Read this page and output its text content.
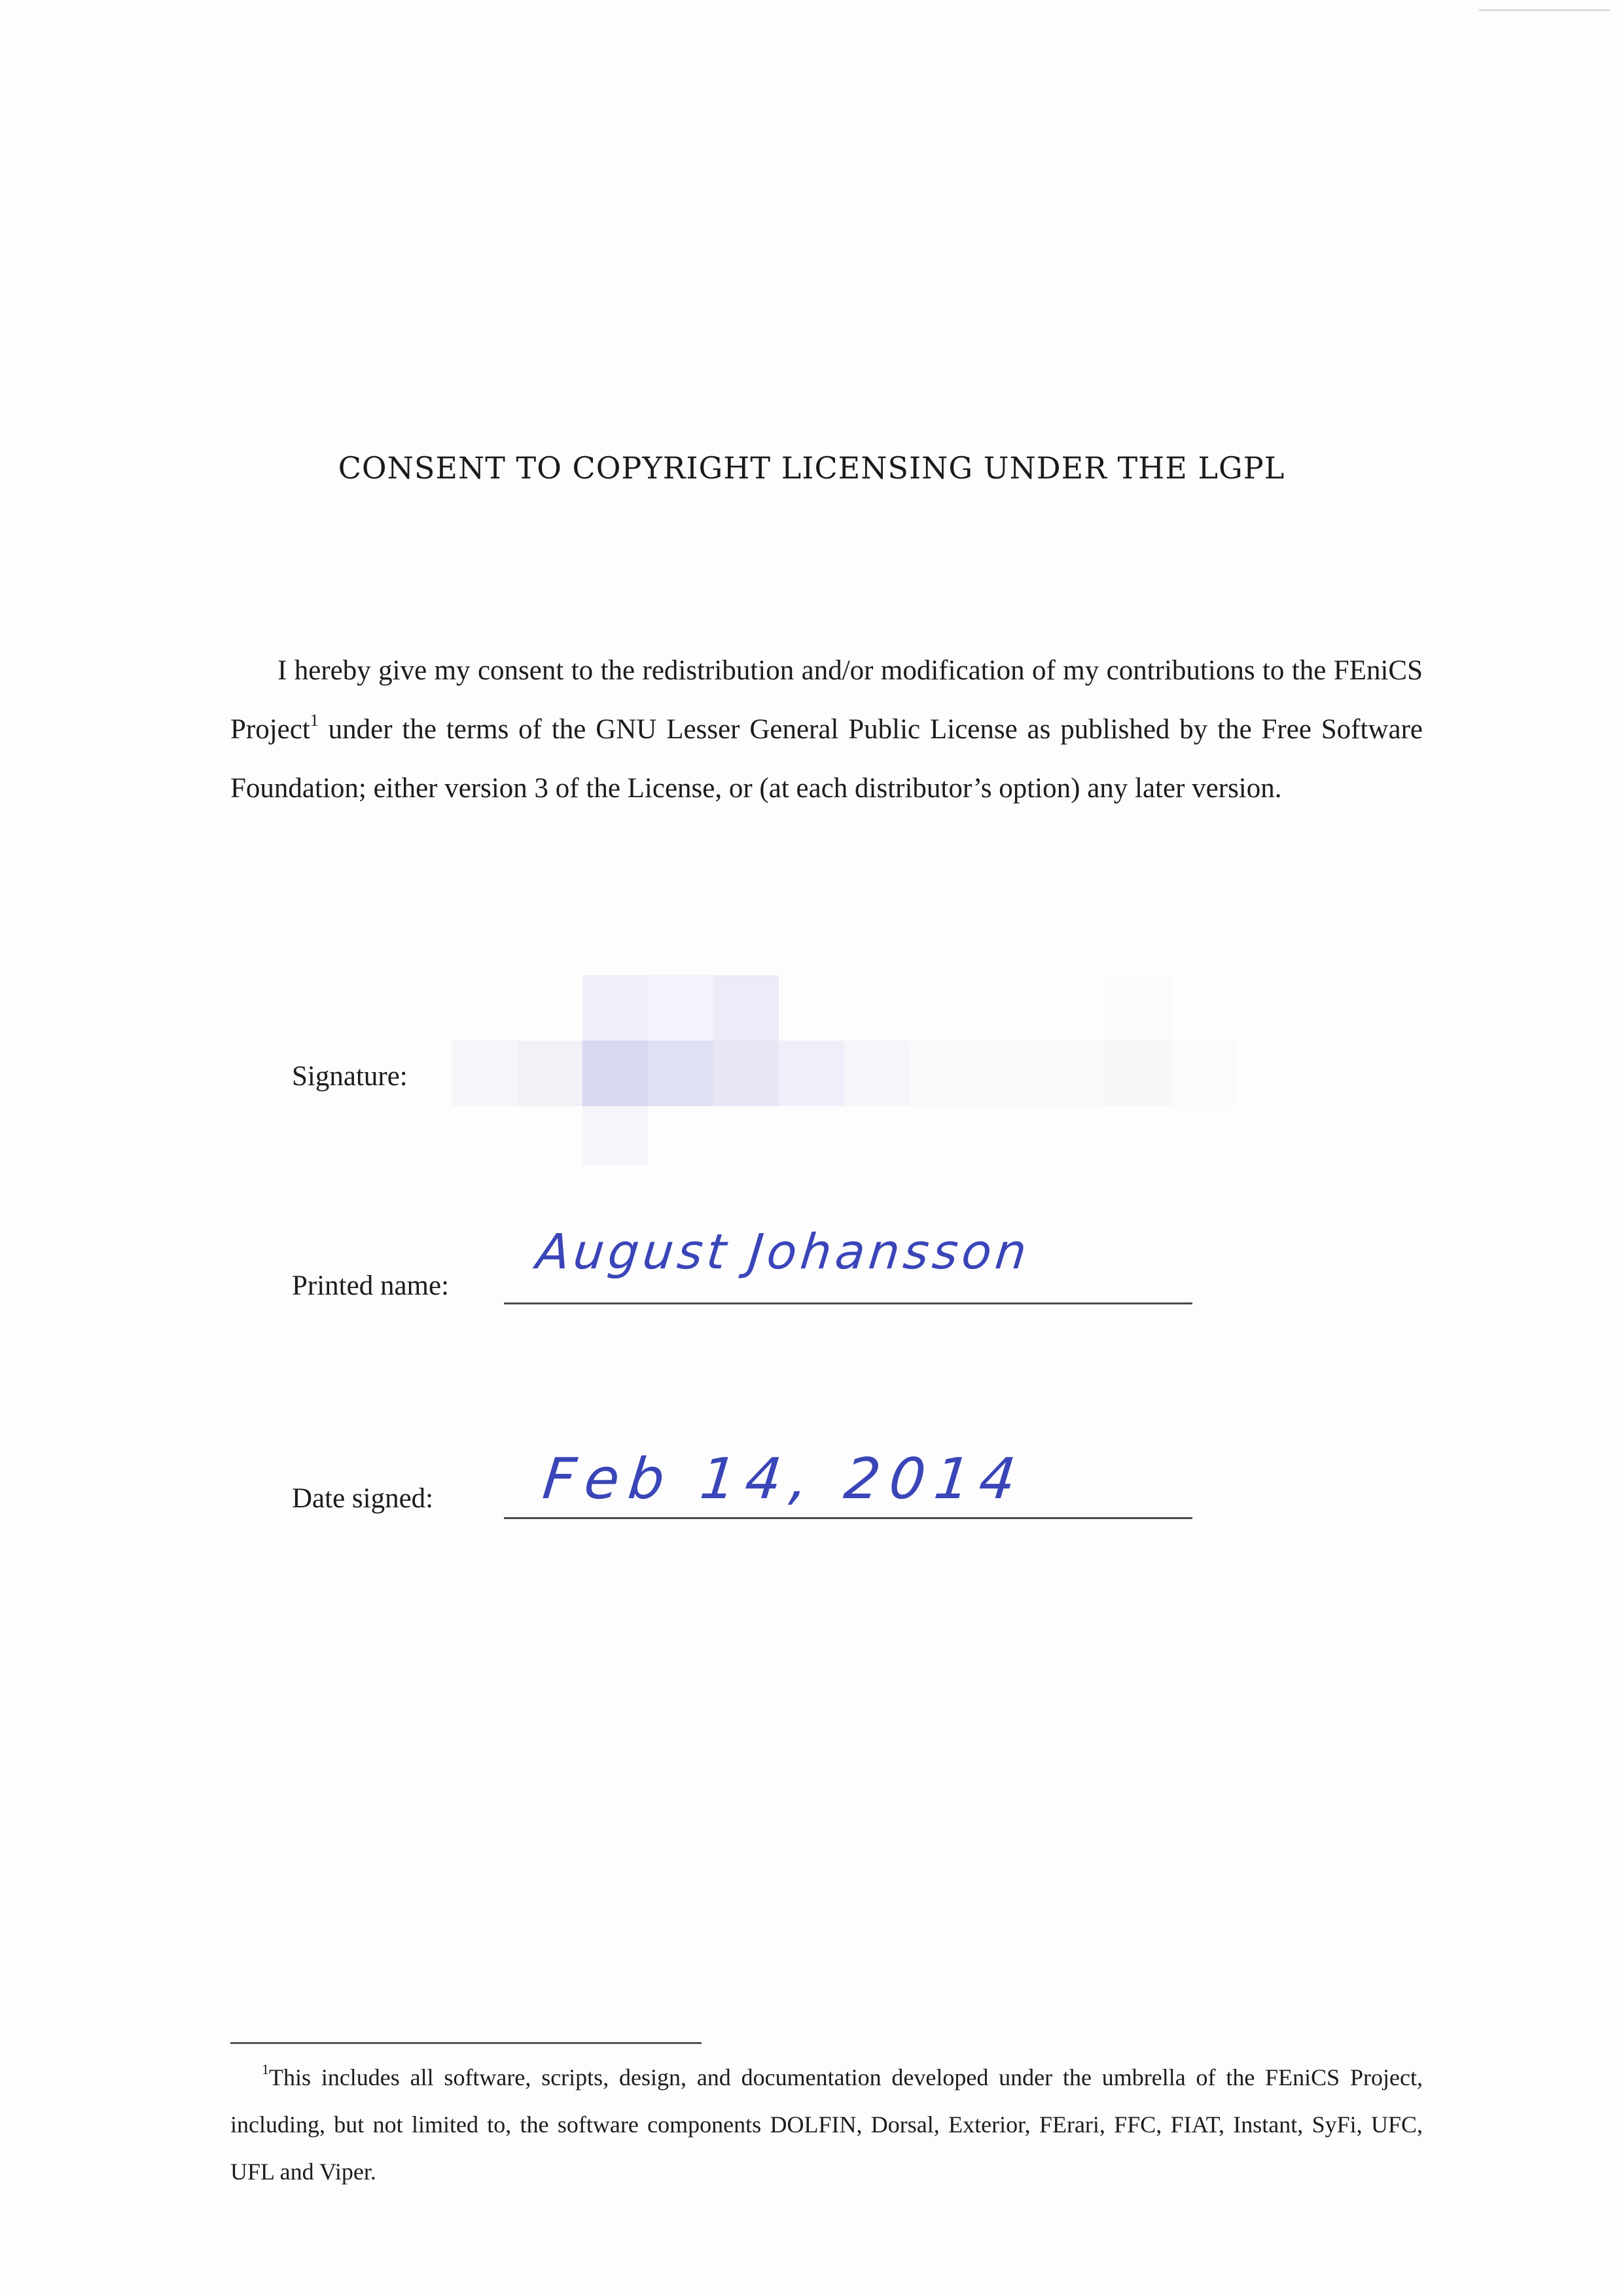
CONSENT TO COPYRIGHT LICENSING UNDER THE LGPL
I hereby give my consent to the redistribution and/or modification of my contributions to the FEniCS Project$^1$ under the terms of the GNU Lesser General Public License as published by the Free Software Foundation; either version 3 of the License, or (at each distributor’s option) any later version.
Signature:
Printed name:
August Johansson
Date signed: Feb 14, 2014
$^1$This includes all software, scripts, design, and documentation developed under the umbrella of the FEniCS Project, including, but not limited to, the software components DOLFIN, Dorsal, Exterior, FErari, FFC, FIAT, Instant, SyFi, UFC, UFL and Viper.
